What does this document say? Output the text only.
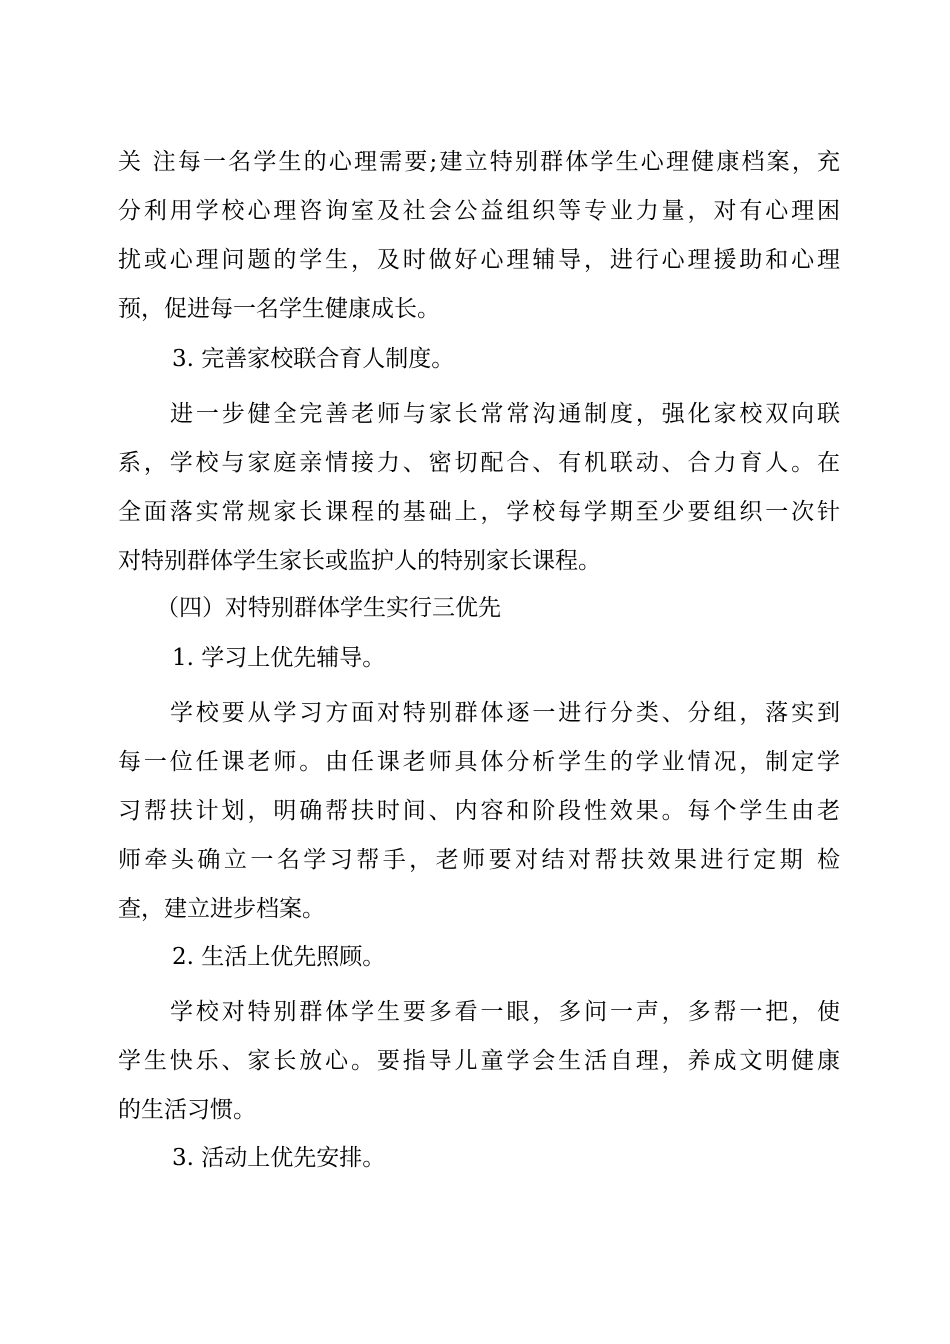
关 注每一名学生的心理需要;建立特别群体学生心理健康档案，充
分利用学校心理咨询室及社会公益组织等专业力量，对有心理困
扰或心理问题的学生，及时做好心理辅导，进行心理援助和心理
预，促进每一名学生健康成长。
3. 完善家校联合育人制度。
进一步健全完善老师与家长常常沟通制度，强化家校双向联
系，学校与家庭亲情接力、密切配合、有机联动、合力育人。在
全面落实常规家长课程的基础上，学校每学期至少要组织一次针
对特别群体学生家长或监护人的特别家长课程。
（四）对特别群体学生实行三优先
1. 学习上优先辅导。
学校要从学习方面对特别群体逐一进行分类、分组，落实到
每一位任课老师。由任课老师具体分析学生的学业情况，制定学
习帮扶计划，明确帮扶时间、内容和阶段性效果。每个学生由老
师牵头确立一名学习帮手，老师要对结对帮扶效果进行定期 检
查，建立进步档案。
2. 生活上优先照顾。
学校对特别群体学生要多看一眼，多问一声，多帮一把，使
学生快乐、家长放心。要指导儿童学会生活自理，养成文明健康
的生活习惯。
3. 活动上优先安排。
